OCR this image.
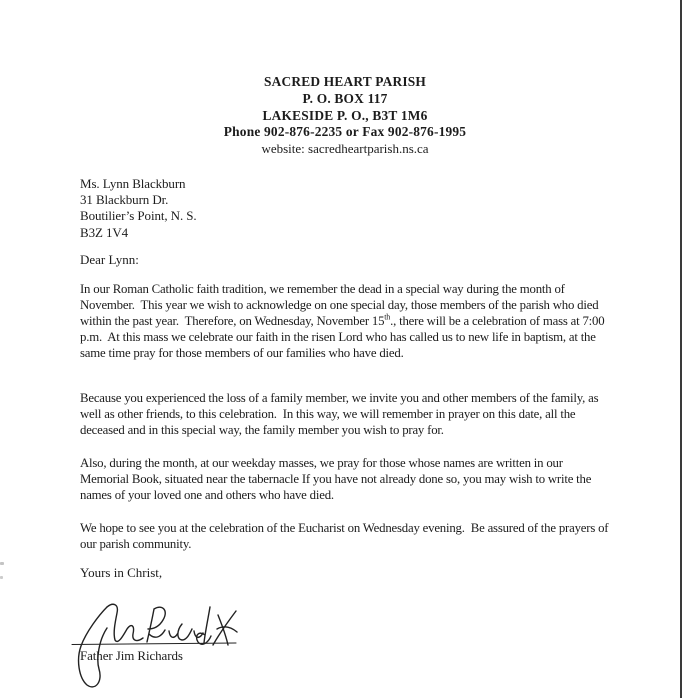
SACRED HEART PARISH
P. O. BOX 117
LAKESIDE P. O., B3T 1M6
Phone 902-876-2235 or Fax 902-876-1995
website: sacredheartparish.ns.ca
Ms. Lynn Blackburn
31 Blackburn Dr.
Boutilier’s Point, N. S.
B3Z 1V4
Dear Lynn:
In our Roman Catholic faith tradition, we remember the dead in a special way during the month of November.  This year we wish to acknowledge on one special day, those members of the parish who died within the past year.  Therefore, on Wednesday, November 15th., there will be a celebration of mass at 7:00 p.m.  At this mass we celebrate our faith in the risen Lord who has called us to new life in baptism, at the same time pray for those members of our families who have died.
Because you experienced the loss of a family member, we invite you and other members of the family, as well as other friends, to this celebration.  In this way, we will remember in prayer on this date, all the deceased and in this special way, the family member you wish to pray for.
Also, during the month, at our weekday masses, we pray for those whose names are written in our Memorial Book, situated near the tabernacle If you have not already done so, you may wish to write the names of your loved one and others who have died.
We hope to see you at the celebration of the Eucharist on Wednesday evening.  Be assured of the prayers of our parish community.
Yours in Christ,
Father Jim Richards
